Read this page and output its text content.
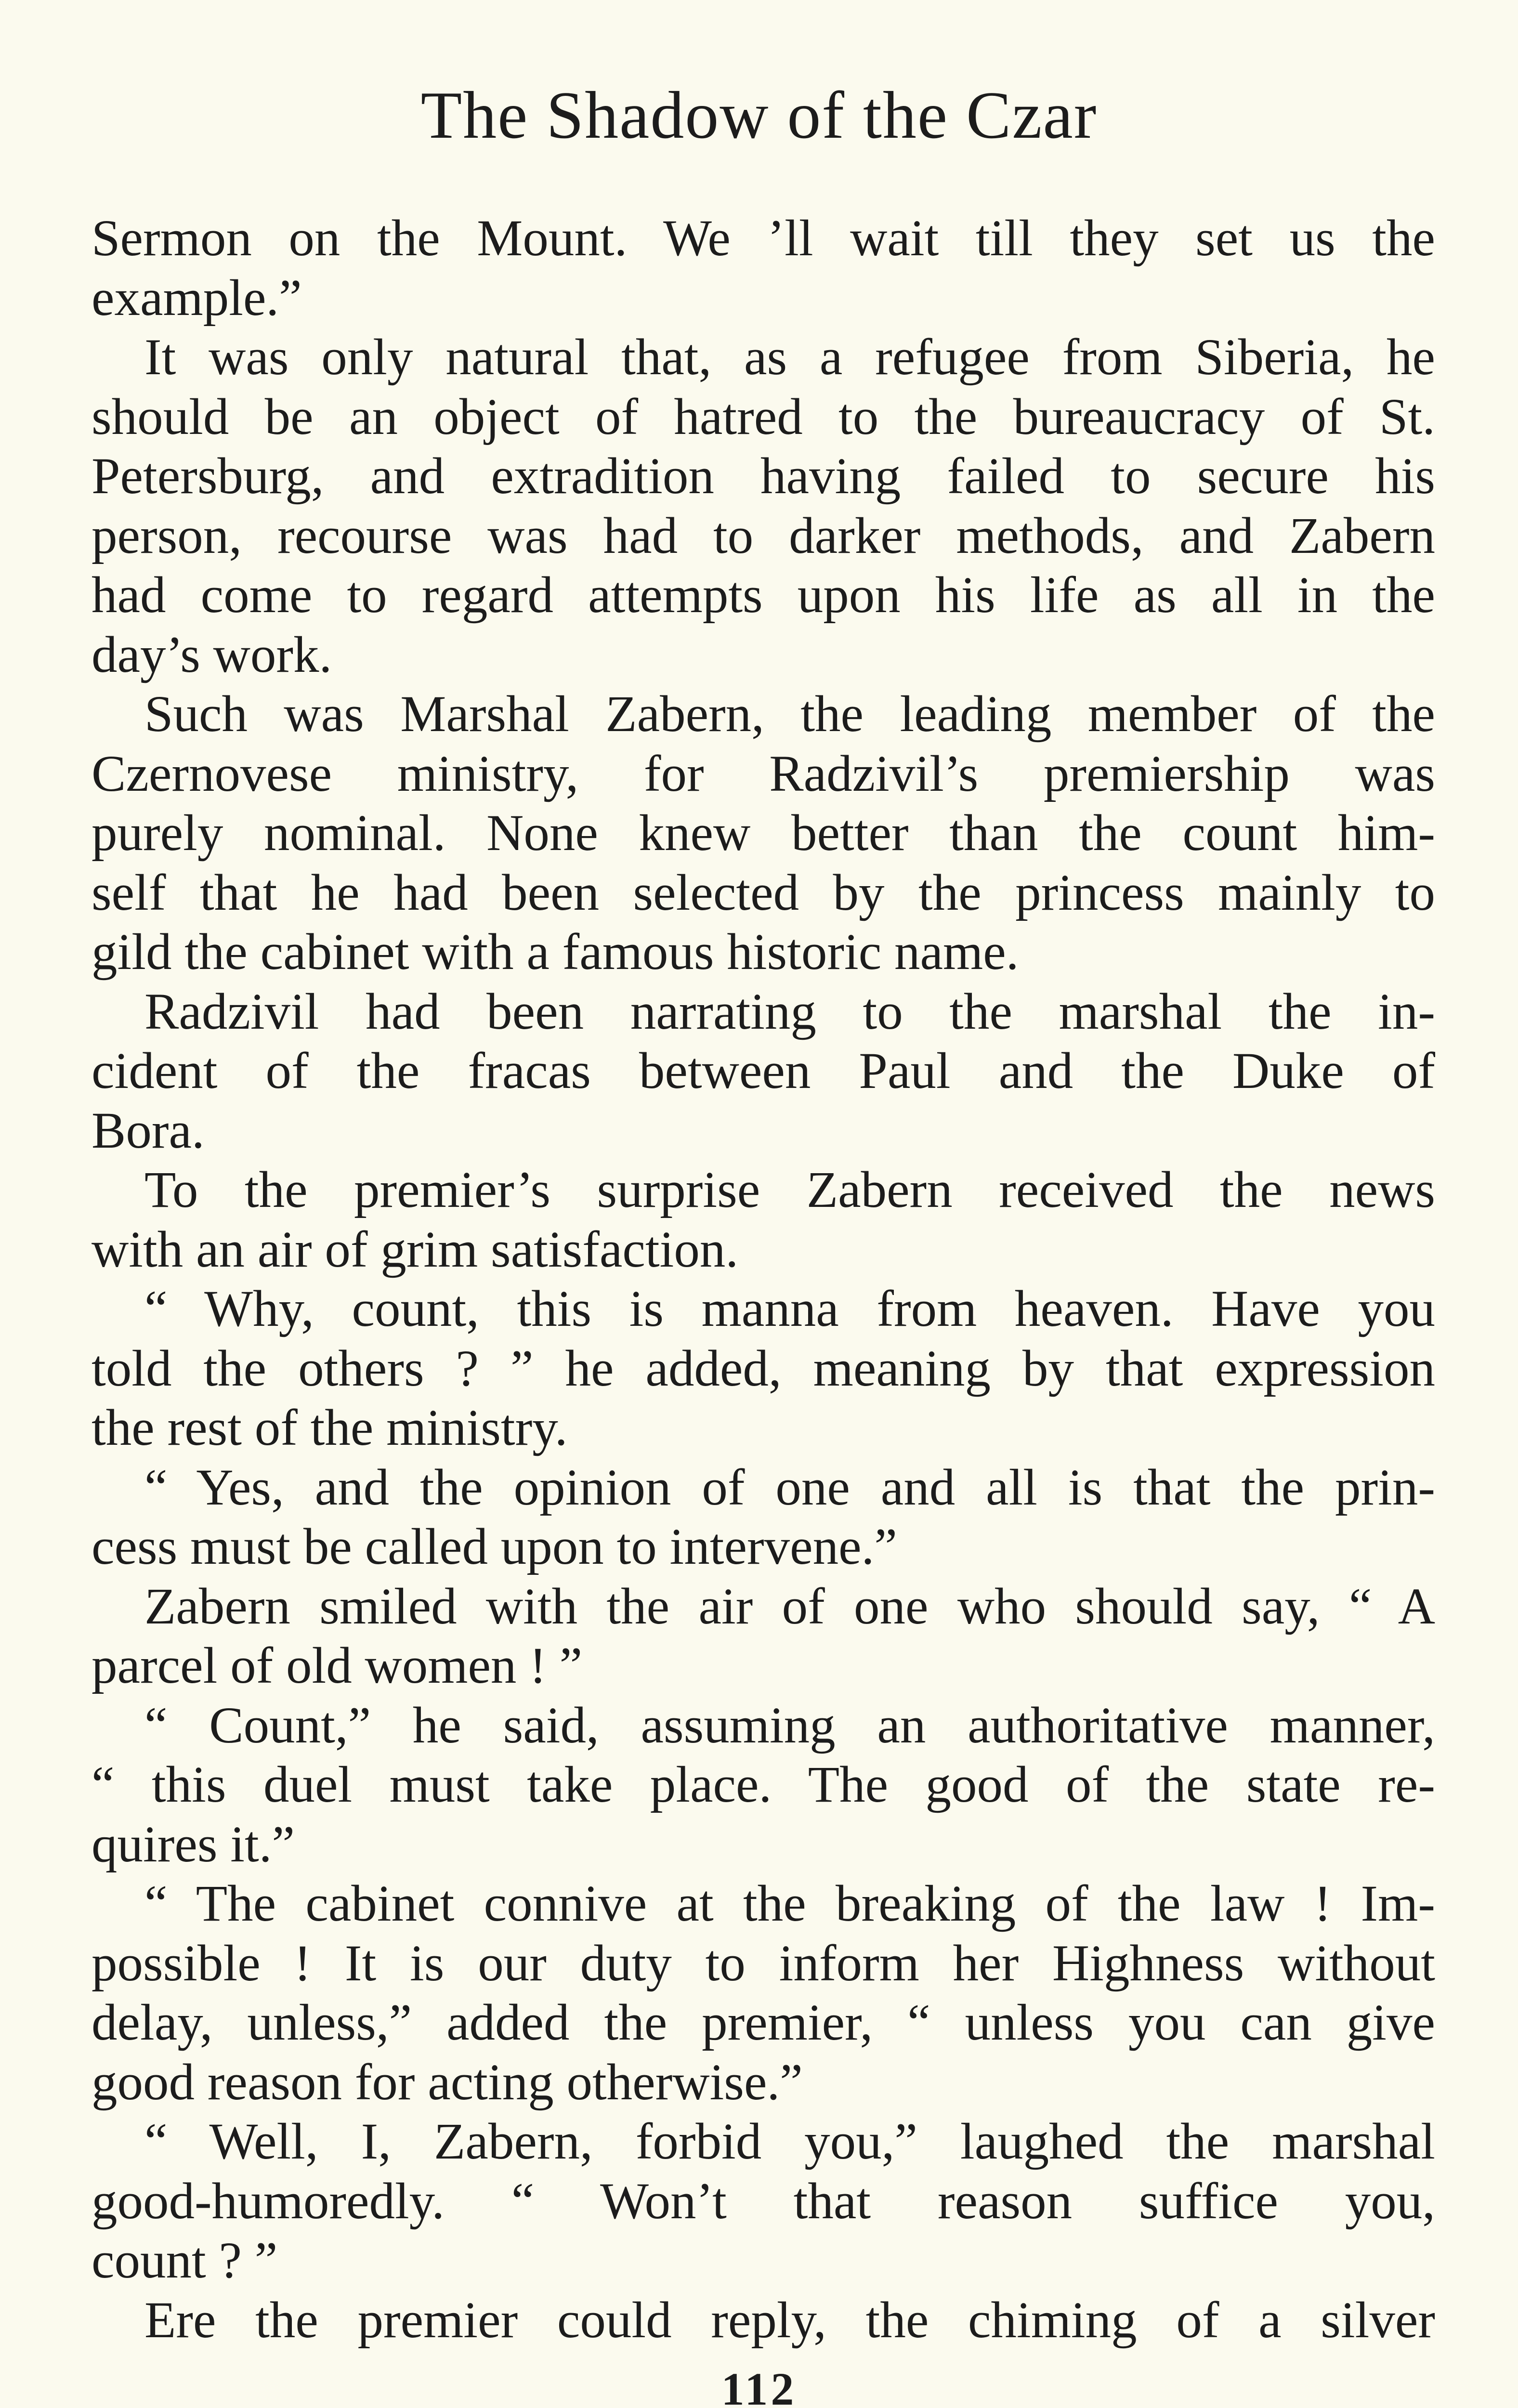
The Shadow of the Czar

Sermon on the Mount. We ’ll wait till they set us the

example.”

It was only natural that, as a refugee from Siberia, he

should be an object of hatred to the bureaucracy of St.

Petersburg, and extradition having failed to secure his

person, recourse was had to darker methods, and Zabern

had come to regard attempts upon his life as all in the

day’s work.

Such was Marshal Zabern, the leading member of the

Czernovese ministry, for Radzivil’s premiership was

purely nominal. None knew better than the count him-

self that he had been selected by the princess mainly to

gild the cabinet with a famous historic name.

Radzivil had been narrating to the marshal the in-

cident of the fracas between Paul and the Duke of

Bora.

To the premier’s surprise Zabern received the news

with an air of grim satisfaction.

“ Why, count, this is manna from heaven. Have you

told the others ? ” he added, meaning by that expression

the rest of the ministry.

“ Yes, and the opinion of one and all is that the prin-

cess must be called upon to intervene.”

Zabern smiled with the air of one who should say, “ A

parcel of old women ! ”

“ Count,” he said, assuming an authoritative manner,

“ this duel must take place. The good of the state re-

quires it.”

“ The cabinet connive at the breaking of the law ! Im-

possible ! It is our duty to inform her Highness without

delay, unless,” added the premier, “ unless you can give

good reason for acting otherwise.”

“ Well, I, Zabern, forbid you,” laughed the marshal

good-humoredly. “ Won’t that reason suffice you,

count ? ”

Ere the premier could reply, the chiming of a silver

112
